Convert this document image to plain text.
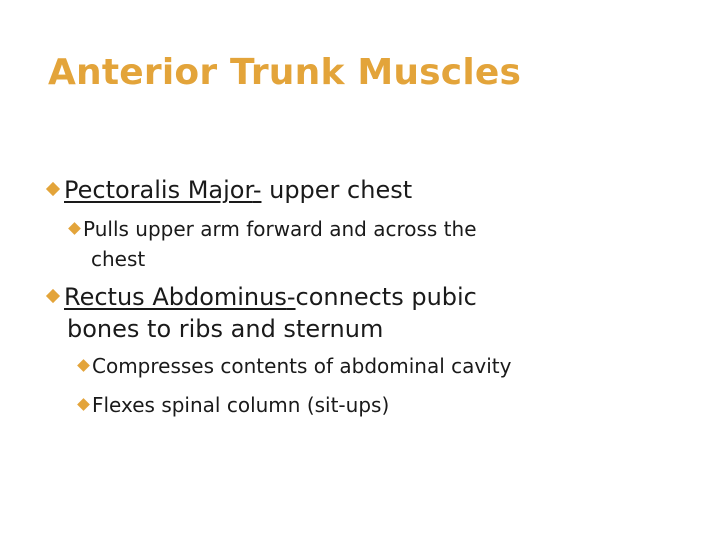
Anterior Trunk Muscles
Pectoralis Major- upper chest
Pulls upper arm forward and across the
chest
Rectus Abdominus-connects pubic
bones to ribs and sternum
Compresses contents of abdominal cavity
Flexes spinal column (sit-ups)
